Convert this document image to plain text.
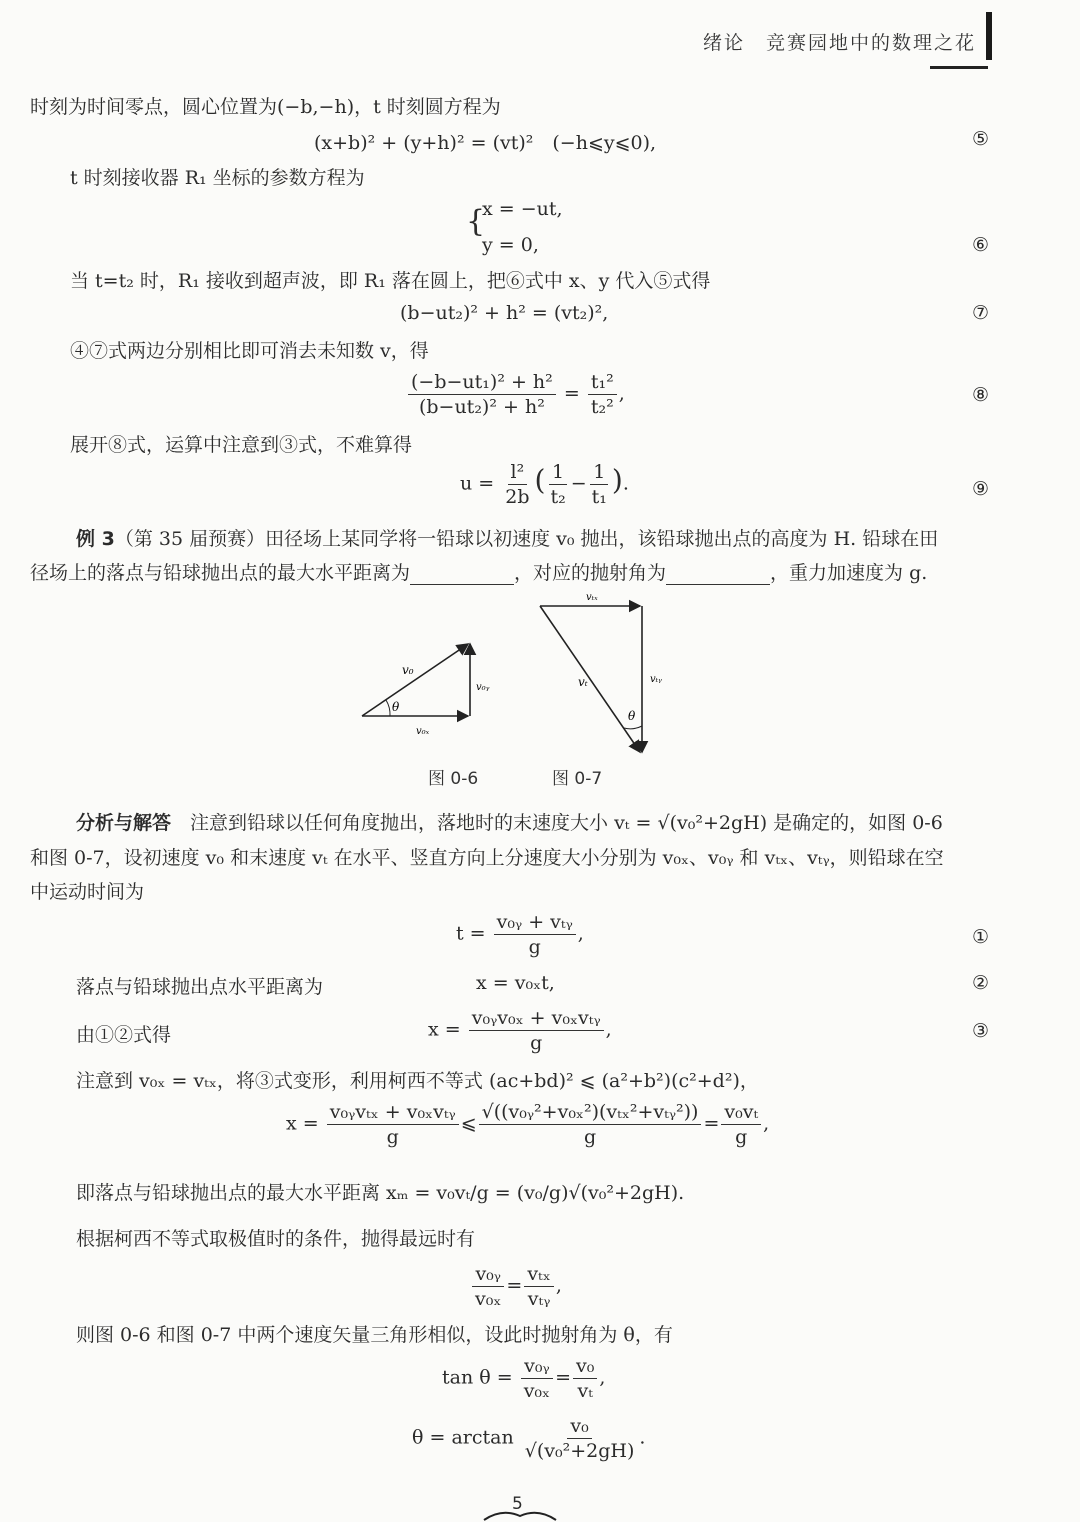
绪论　竞赛园地中的数理之花
时刻为时间零点，圆心位置为(−b,−h)，t 时刻圆方程为
(x+b)² + (y+h)² = (vt)²　(−h⩽y⩽0),	⑤
t 时刻接收器 R₁ 坐标的参数方程为
{
x = −ut,
y = 0,	⑥
当 t=t₂ 时，R₁ 接收到超声波，即 R₁ 落在圆上，把⑥式中 x、y 代入⑤式得
(b−ut₂)² + h² = (vt₂)²,	⑦
④⑦式两边分别相比即可消去未知数 v，得
$\frac{\text{(−b−ut₁)² + h²}}{\text{(b−ut₂)² + h²}} = \frac{\text{t₁²}}{\text{t₂²}}$ ,	⑧
展开⑧式，运算中注意到③式，不难算得
$u = \frac{\text{l²}}{2b}$ ( $\frac{1}{\text{t₂}} - \frac{1}{\text{t₁}}$ ).	⑨
例 3（第 35 届预赛）田径场上某同学将一铅球以初速度 v₀ 抛出，该铅球抛出点的高度为 H. 铅球在田
径场上的落点与铅球抛出点的最大水平距离为	，对应的抛射角为	，重力加速度为 g.
v₀
v₀ᵧ
v₀ₓ
θ
vₜₓ
vₜ	vₜᵧ
θ
图 0-6	图 0-7
分析与解答　 注意到铅球以任何角度抛出，落地时的末速度大小 vₜ = √(v₀²+2gH) 是确定的，如图 0-6
和图 0-7，设初速度 v₀ 和末速度 vₜ 在水平、竖直方向上分速度大小分别为 v₀ₓ、v₀ᵧ 和 vₜₓ、vₜᵧ，则铅球在空
中运动时间为
$t = \frac{\text{v₀ᵧ + vₜᵧ}}{g}$ ,	①
落点与铅球抛出点水平距离为	x = v₀ₓt,	②
由①②式得	$x = \frac{\text{v₀ᵧv₀ₓ + v₀ₓvₜᵧ}}{g}$ ,	③
注意到 v₀ₓ = vₜₓ，将③式变形，利用柯西不等式 (ac+bd)² ⩽ (a²+b²)(c²+d²)，
$x = \frac{\text{v₀ᵧvₜₓ + v₀ₓvₜᵧ}}{g}$ ⩽ $\frac{\text{√((v₀ᵧ²+v₀ₓ²)(vₜₓ²+vₜᵧ²))}}{g} = \frac{\text{v₀vₜ}}{g}$ ,
即落点与铅球抛出点的最大水平距离 xₘ = v₀vₜ/g = (v₀/g)√(v₀²+2gH).
根据柯西不等式取极值时的条件，抛得最远时有
$\frac{\text{v₀ᵧ}}{\text{v₀ₓ}} = \frac{\text{vₜₓ}}{\text{vₜᵧ}}$ ,
则图 0-6 和图 0-7 中两个速度矢量三角形相似，设此时抛射角为 θ，有
$\tan \theta = \frac{\text{v₀ᵧ}}{\text{v₀ₓ}} = \frac{\text{v₀}}{\text{vₜ}}$ ,
$\theta = \arctan \frac{\text{v₀}}{\text{√(v₀²+2gH)}}$ .
5
